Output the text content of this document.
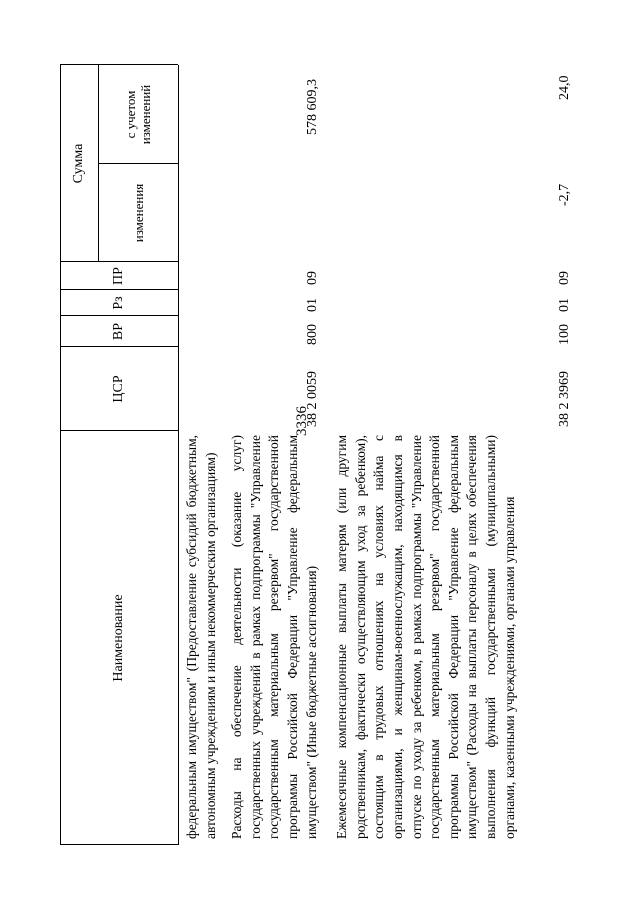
3336
Наименование
ЦСР
ВР
Рз
ПР
Сумма
изменения
с учетом изменений

федеральным имуществом" (Предоставление субсидий бюджетным, автономным учреждениям и иным некоммерческим организациям) Расходы на обеспечение деятельности (оказание услуг) государственных учреждений в рамках подпрограммы "Управление государственным материальным резервом" государственной программы Российской Федерации "Управление федеральным имуществом" (Иные бюджетные ассигнования) Ежемесячные компенсационные выплаты матерям (или другим родственникам, фактически осуществляющим уход за ребенком), состоящим в трудовых отношениях на условиях найма с организациями, и женщинам-военнослужащим, находящимся в отпуске по уходу за ребенком, в рамках подпрограммы "Управление государственным материальным резервом" государственной программы Российской Федерации "Управление федеральным имуществом" (Расходы на выплаты персоналу в целях обеспечения выполнения функций государственными (муниципальными) органами, казенными учреждениями, органами управления

38 2 0059
800
01
09
578 609,3
38 2 3969
100
01
09
-2,7
24,0
